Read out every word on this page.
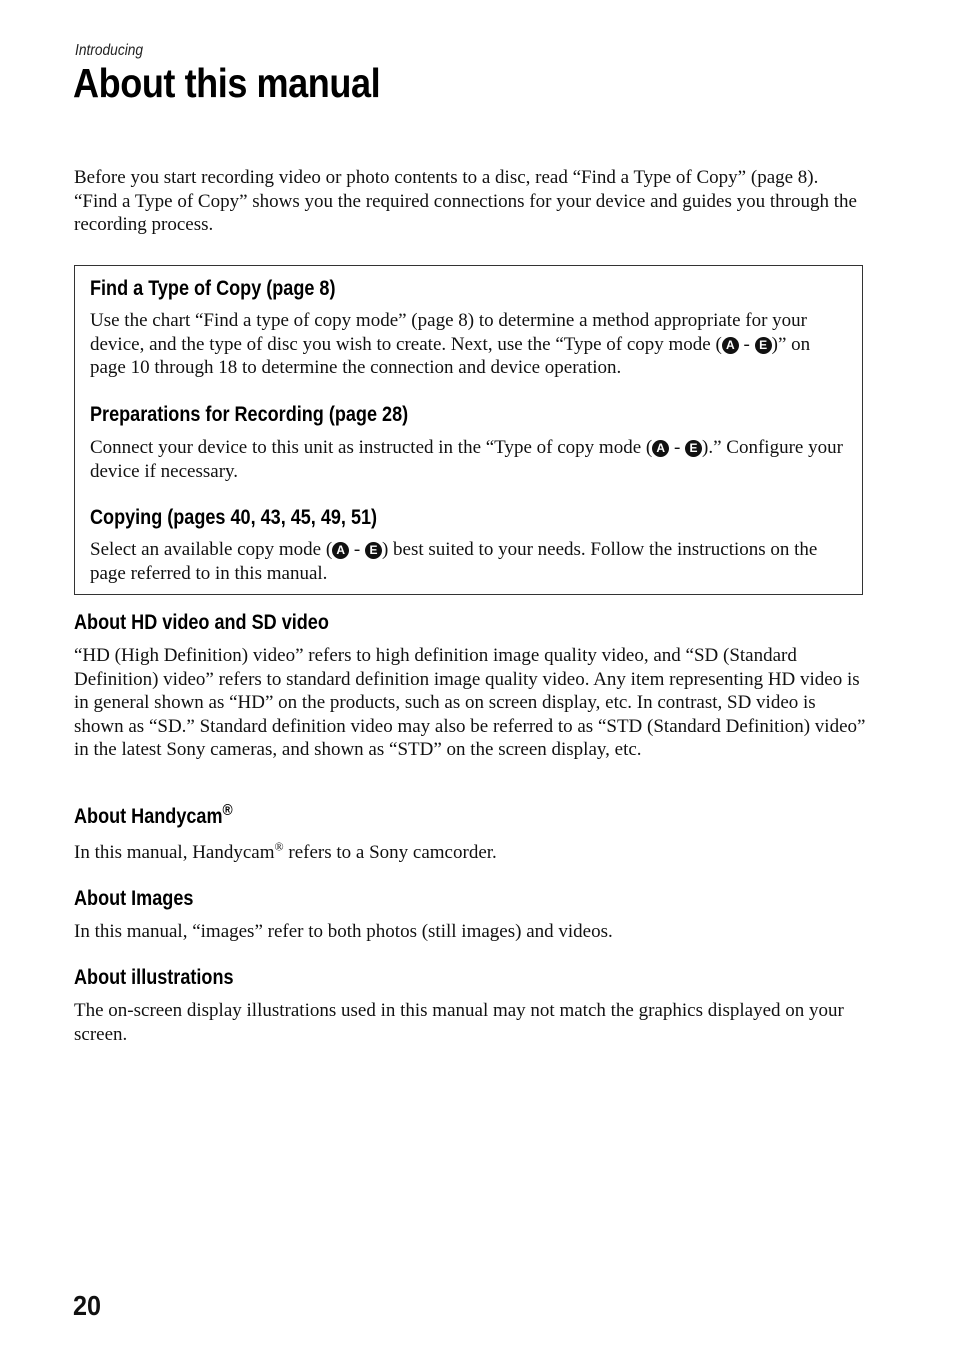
Introducing
About this manual

Before you start recording video or photo contents to a disc, read “Find a Type of Copy” (page 8). “Find a Type of Copy” shows you the required connections for your device and guides you through the recording process.

Find a Type of Copy (page 8)

Use the chart “Find a type of copy mode” (page 8) to determine a method appropriate for your device, and the type of disc you wish to create. Next, use the “Type of copy mode ( A - E )” on page 10 through 18 to determine the connection and device operation.

Preparations for Recording (page 28)

Connect your device to this unit as instructed in the “Type of copy mode ( A - E ).” Configure your device if necessary.

Copying (pages 40, 43, 45, 49, 51)

Select an available copy mode ( A - E ) best suited to your needs. Follow the instructions on the page referred to in this manual.

About HD video and SD video

“HD (High Definition) video” refers to high definition image quality video, and “SD (Standard Definition) video” refers to standard definition image quality video. Any item representing HD video is in general shown as “HD” on the products, such as on screen display, etc. In contrast, SD video is shown as “SD.” Standard definition video may also be referred to as “STD (Standard Definition) video” in the latest Sony cameras, and shown as “STD” on the screen display, etc.

About Handycam®

In this manual, Handycam® refers to a Sony camcorder.

About Images

In this manual, “images” refer to both photos (still images) and videos.

About illustrations

The on-screen display illustrations used in this manual may not match the graphics displayed on your screen.

20
